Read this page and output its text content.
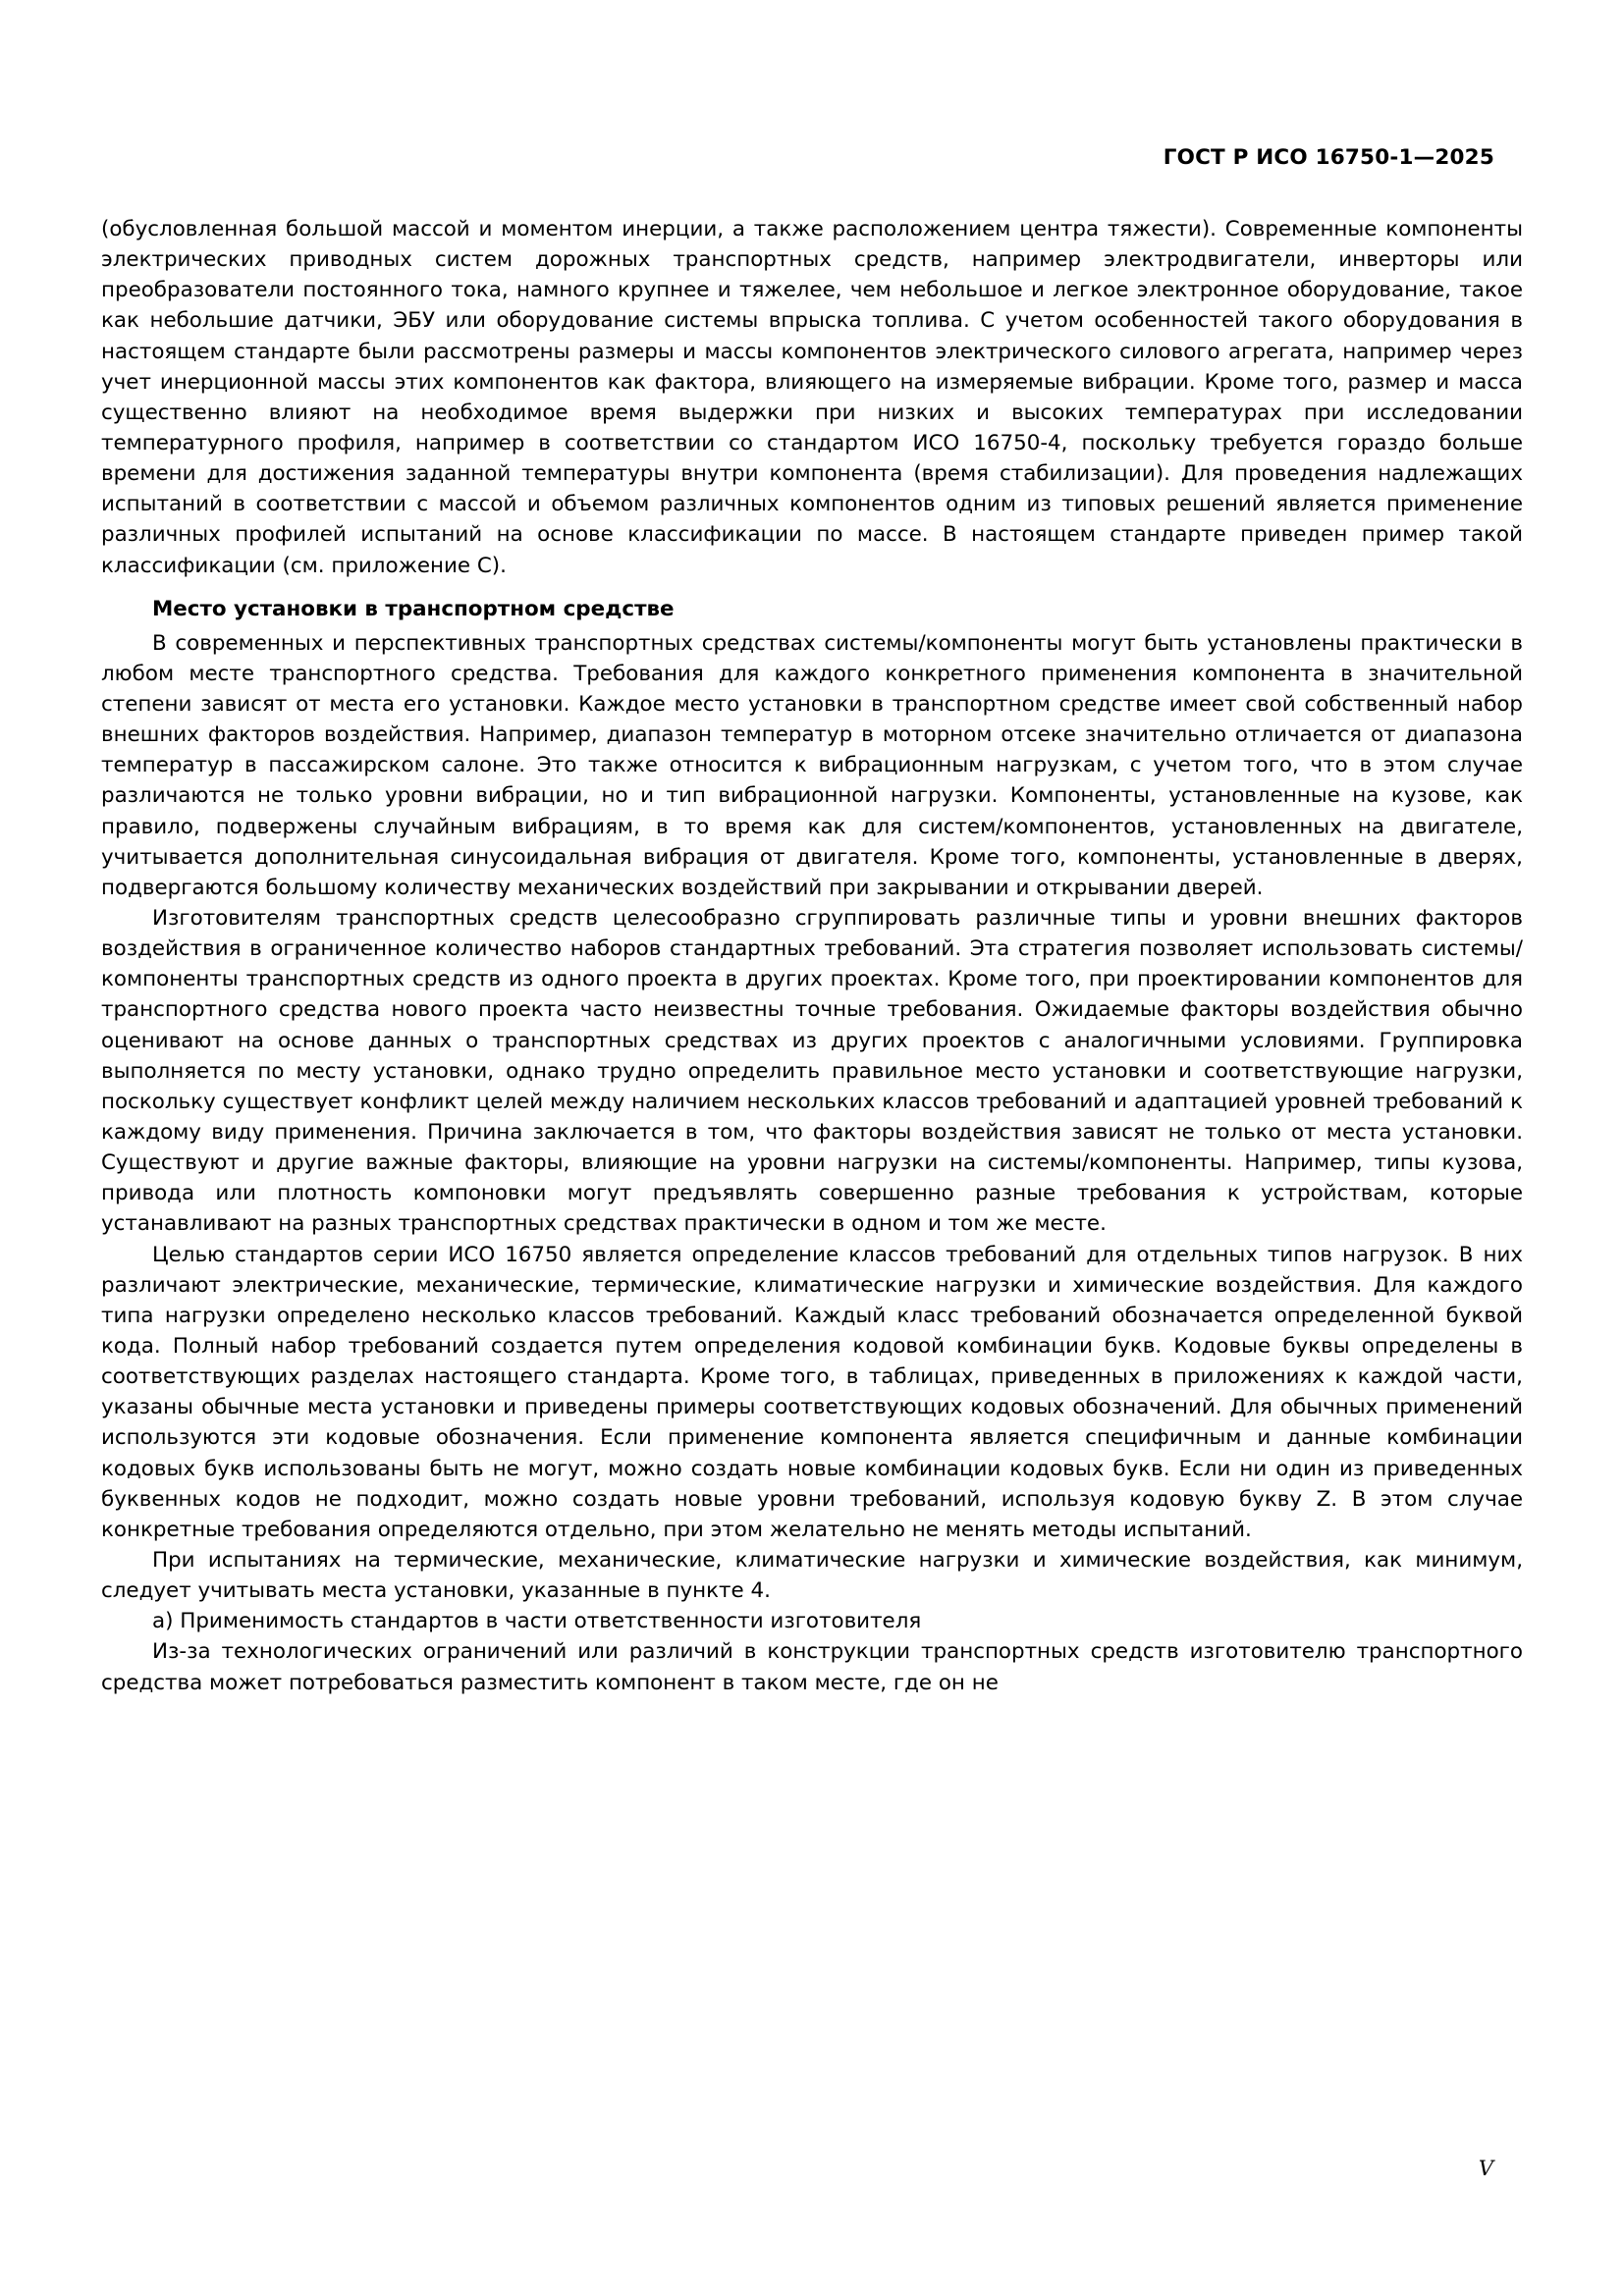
ГОСТ Р ИСО 16750-1—2025

(обусловленная большой массой и моментом инерции, а также расположением центра тяжести). Современные компоненты электрических приводных систем дорожных транспортных средств, например электродвигатели, инверторы или преобразователи постоянного тока, намного крупнее и тяжелее, чем небольшое и легкое электронное оборудование, такое как небольшие датчики, ЭБУ или оборудование системы впрыска топлива. С учетом особенностей такого оборудования в настоящем стандарте были рассмотрены размеры и массы компонентов электрического силового агрегата, например через учет инерционной массы этих компонентов как фактора, влияющего на измеряемые вибрации. Кроме того, размер и масса существенно влияют на необходимое время выдержки при низких и высоких температурах при исследовании температурного профиля, например в соответствии со стандартом ИСО 16750-4, поскольку требуется гораздо больше времени для достижения заданной температуры внутри компонента (время стабилизации). Для проведения надлежащих испытаний в соответствии с массой и объемом различных компонентов одним из типовых решений является применение различных профилей испытаний на основе классификации по массе. В настоящем стандарте приведен пример такой классификации (см. приложение С).

Место установки в транспортном средстве

В современных и перспективных транспортных средствах системы/компоненты могут быть установлены практически в любом месте транспортного средства. Требования для каждого конкретного применения компонента в значительной степени зависят от места его установки. Каждое место установки в транспортном средстве имеет свой собственный набор внешних факторов воздействия. Например, диапазон температур в моторном отсеке значительно отличается от диапазона температур в пассажирском салоне. Это также относится к вибрационным нагрузкам, с учетом того, что в этом случае различаются не только уровни вибрации, но и тип вибрационной нагрузки. Компоненты, установленные на кузове, как правило, подвержены случайным вибрациям, в то время как для систем/компонентов, установленных на двигателе, учитывается дополнительная синусоидальная вибрация от двигателя. Кроме того, компоненты, установленные в дверях, подвергаются большому количеству механических воздействий при закрывании и открывании дверей.

Изготовителям транспортных средств целесообразно сгруппировать различные типы и уровни внешних факторов воздействия в ограниченное количество наборов стандартных требований. Эта стратегия позволяет использовать системы/компоненты транспортных средств из одного проекта в других проектах. Кроме того, при проектировании компонентов для транспортного средства нового проекта часто неизвестны точные требования. Ожидаемые факторы воздействия обычно оценивают на основе данных о транспортных средствах из других проектов с аналогичными условиями. Группировка выполняется по месту установки, однако трудно определить правильное место установки и соответствующие нагрузки, поскольку существует конфликт целей между наличием нескольких классов требований и адаптацией уровней требований к каждому виду применения. Причина заключается в том, что факторы воздействия зависят не только от места установки. Существуют и другие важные факторы, влияющие на уровни нагрузки на системы/компоненты. Например, типы кузова, привода или плотность компоновки могут предъявлять совершенно разные требования к устройствам, которые устанавливают на разных транспортных средствах практически в одном и том же месте.

Целью стандартов серии ИСО 16750 является определение классов требований для отдельных типов нагрузок. В них различают электрические, механические, термические, климатические нагрузки и химические воздействия. Для каждого типа нагрузки определено несколько классов требований. Каждый класс требований обозначается определенной буквой кода. Полный набор требований создается путем определения кодовой комбинации букв. Кодовые буквы определены в соответствующих разделах настоящего стандарта. Кроме того, в таблицах, приведенных в приложениях к каждой части, указаны обычные места установки и приведены примеры соответствующих кодовых обозначений. Для обычных применений используются эти кодовые обозначения. Если применение компонента является специфичным и данные комбинации кодовых букв использованы быть не могут, можно создать новые комбинации кодовых букв. Если ни один из приведенных буквенных кодов не подходит, можно создать новые уровни требований, используя кодовую букву Z. В этом случае конкретные требования определяются отдельно, при этом желательно не менять методы испытаний.

При испытаниях на термические, механические, климатические нагрузки и химические воздействия, как минимум, следует учитывать места установки, указанные в пункте 4.

а) Применимость стандартов в части ответственности изготовителя

Из-за технологических ограничений или различий в конструкции транспортных средств изготовителю транспортного средства может потребоваться разместить компонент в таком месте, где он не

V
